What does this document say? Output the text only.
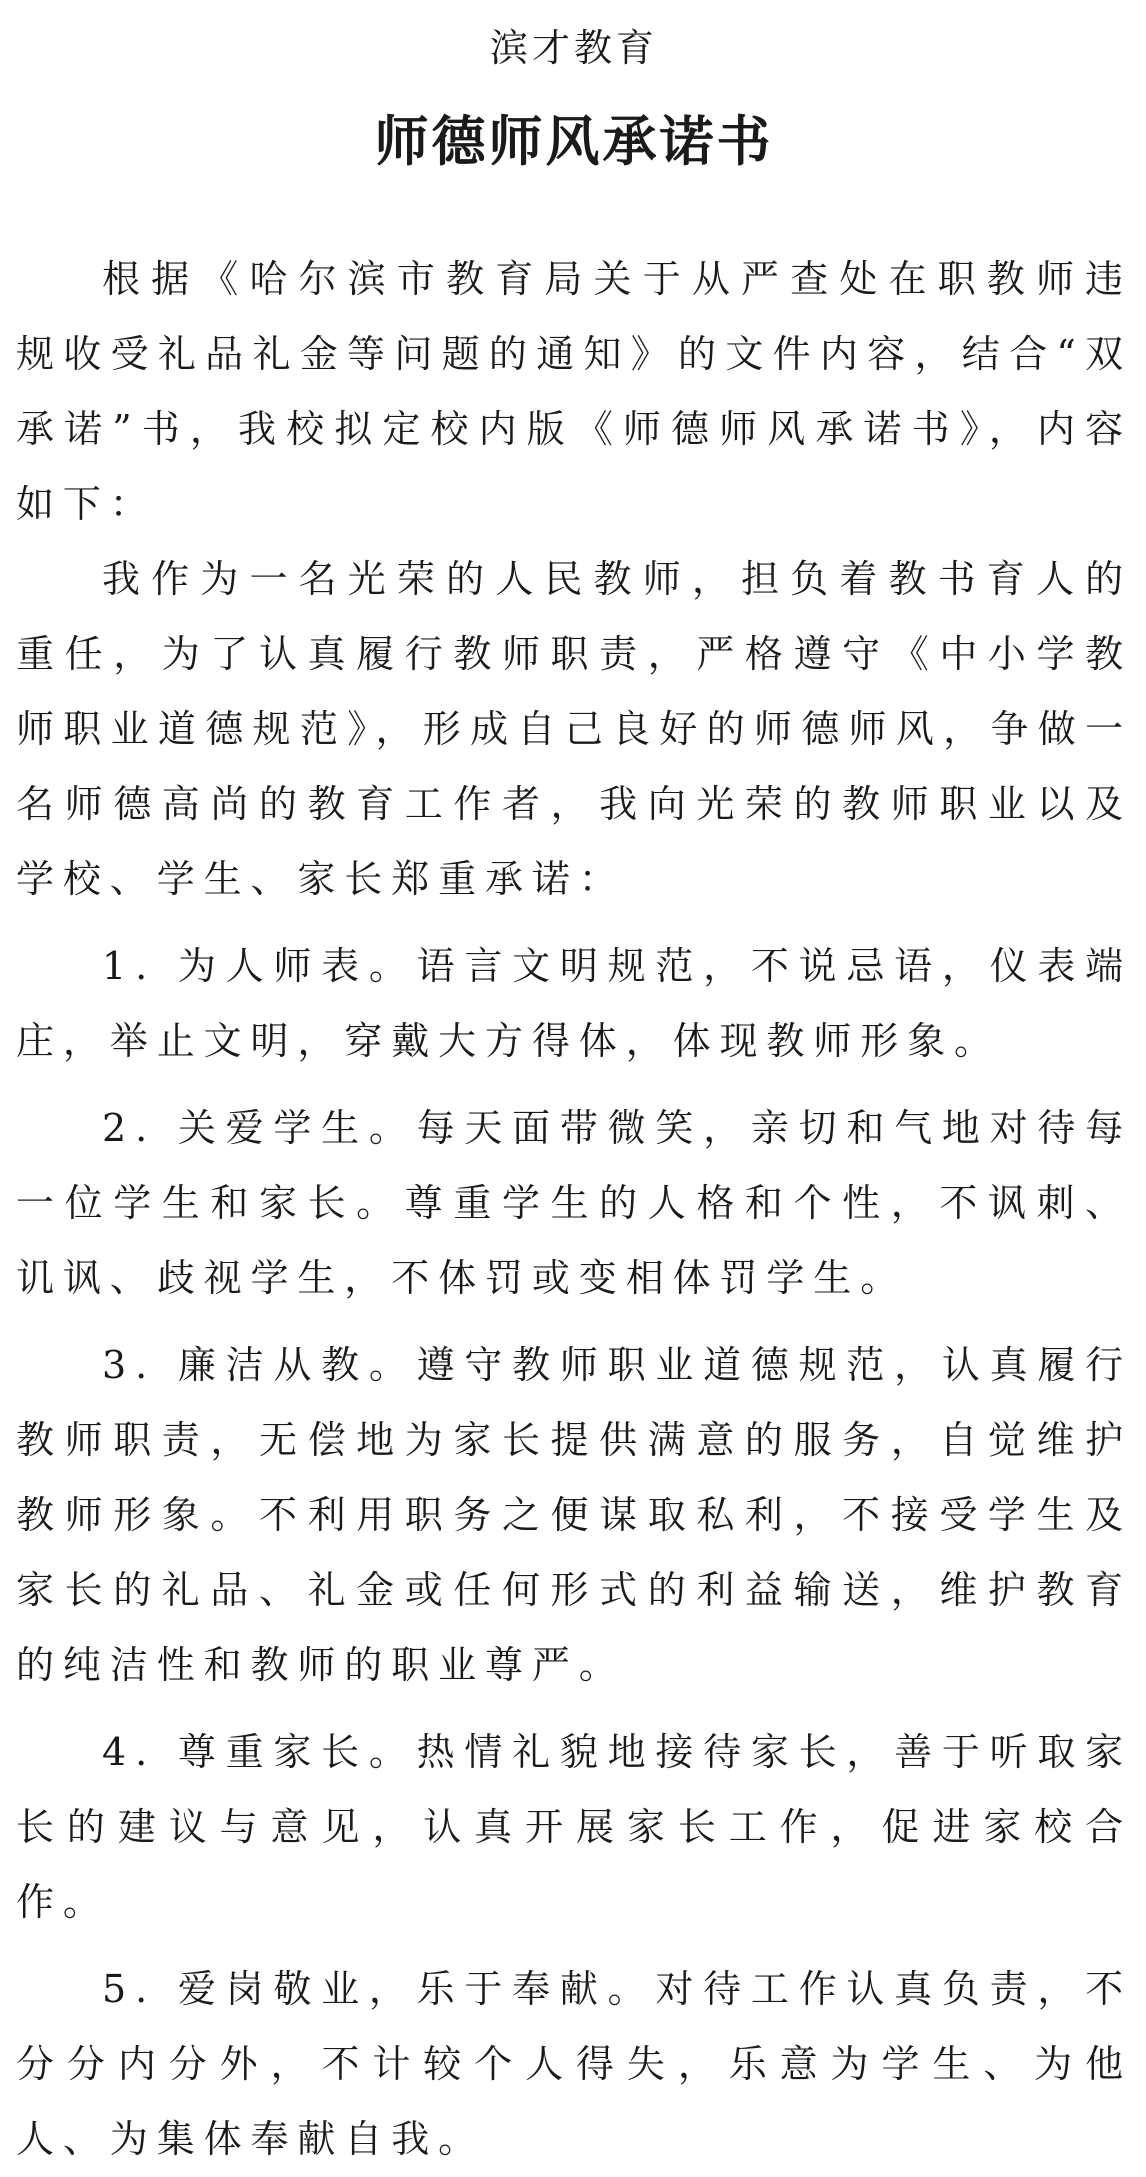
滨才教育
师德师风承诺书

根据《哈尔滨市教育局关于从严查处在职教师违规收受礼品礼金等问题的通知》的文件内容，结合“双承诺”书，我校拟定校内版《师德师风承诺书》，内容如下：

我作为一名光荣的人民教师，担负着教书育人的重任，为了认真履行教师职责，严格遵守《中小学教师职业道德规范》，形成自己良好的师德师风，争做一名师德高尚的教育工作者，我向光荣的教师职业以及学校、学生、家长郑重承诺：

1. 为人师表。语言文明规范，不说忌语，仪表端庄，举止文明，穿戴大方得体，体现教师形象。

2. 关爱学生。每天面带微笑，亲切和气地对待每一位学生和家长。尊重学生的人格和个性，不讽刺、讥讽、歧视学生，不体罚或变相体罚学生。

3. 廉洁从教。遵守教师职业道德规范，认真履行教师职责，无偿地为家长提供满意的服务，自觉维护教师形象。不利用职务之便谋取私利，不接受学生及家长的礼品、礼金或任何形式的利益输送，维护教育的纯洁性和教师的职业尊严。

4. 尊重家长。热情礼貌地接待家长，善于听取家长的建议与意见，认真开展家长工作，促进家校合作。

5. 爱岗敬业，乐于奉献。对待工作认真负责，不分分内分外，不计较个人得失，乐意为学生、为他人、为集体奉献自我。
